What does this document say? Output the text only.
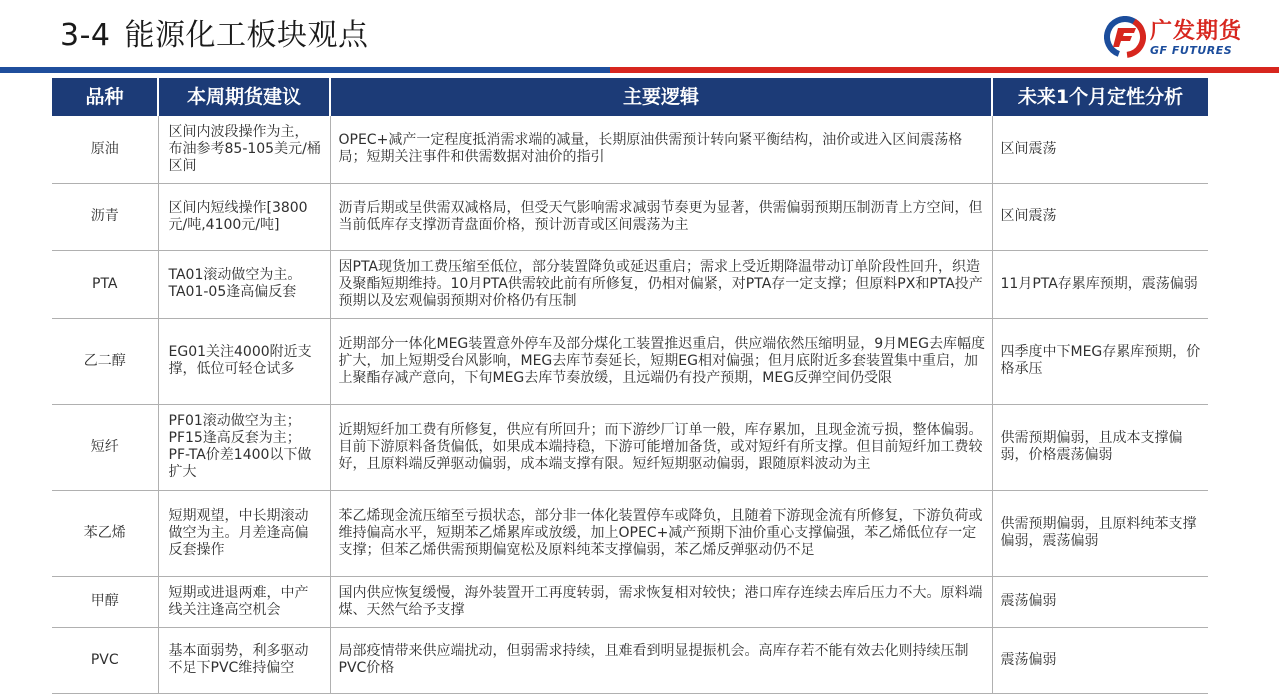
3-4 能源化工板块观点	广发期货
GF FUTURES
品种	本周期货建议	主要逻辑	未来1个月定性分析
原油	区间内波段操作为主，布油参考85-105美元/桶区间	OPEC+减产一定程度抵消需求端的减量，长期原油供需预计转向紧平衡结构，油价或进入区间震荡格局；短期关注事件和供需数据对油价的指引	区间震荡
沥青	区间内短线操作[3800元/吨,4100元/吨]	沥青后期或呈供需双减格局，但受天气影响需求减弱节奏更为显著，供需偏弱预期压制沥青上方空间，但当前低库存支撑沥青盘面价格，预计沥青或区间震荡为主	区间震荡
PTA	TA01滚动做空为主。TA01-05逢高偏反套	因PTA现货加工费压缩至低位，部分装置降负或延迟重启；需求上受近期降温带动订单阶段性回升，织造及聚酯短期维持。10月PTA供需较此前有所修复，仍相对偏紧，对PTA存一定支撑；但原料PX和PTA投产预期以及宏观偏弱预期对价格仍有压制	11月PTA存累库预期，震荡偏弱
乙二醇	EG01关注4000附近支撑，低位可轻仓试多	近期部分一体化MEG装置意外停车及部分煤化工装置推迟重启，供应端依然压缩明显，9月MEG去库幅度扩大，加上短期受台风影响，MEG去库节奏延长，短期EG相对偏强；但月底附近多套装置集中重启，加上聚酯存减产意向，下旬MEG去库节奏放缓，且远端仍有投产预期，MEG反弹空间仍受限	四季度中下MEG存累库预期，价格承压
短纤	PF01滚动做空为主；PF15逢高反套为主；PF-TA价差1400以下做扩大	近期短纤加工费有所修复，供应有所回升；而下游纱厂订单一般，库存累加，且现金流亏损，整体偏弱。目前下游原料备货偏低，如果成本端持稳，下游可能增加备货，或对短纤有所支撑。但目前短纤加工费较好，且原料端反弹驱动偏弱，成本端支撑有限。短纤短期驱动偏弱，跟随原料波动为主	供需预期偏弱，且成本支撑偏弱，价格震荡偏弱
苯乙烯	短期观望，中长期滚动做空为主。月差逢高偏反套操作	苯乙烯现金流压缩至亏损状态，部分非一体化装置停车或降负，且随着下游现金流有所修复，下游负荷或维持偏高水平，短期苯乙烯累库或放缓，加上OPEC+减产预期下油价重心支撑偏强，苯乙烯低位存一定支撑；但苯乙烯供需预期偏宽松及原料纯苯支撑偏弱，苯乙烯反弹驱动仍不足	供需预期偏弱，且原料纯苯支撑偏弱，震荡偏弱
甲醇	短期或进退两难，中产线关注逢高空机会	国内供应恢复缓慢，海外装置开工再度转弱，需求恢复相对较快；港口库存连续去库后压力不大。原料端煤、天然气给予支撑	震荡偏弱
PVC	基本面弱势，利多驱动不足下PVC维持偏空	局部疫情带来供应端扰动，但弱需求持续，且难看到明显提振机会。高库存若不能有效去化则持续压制PVC价格	震荡偏弱
